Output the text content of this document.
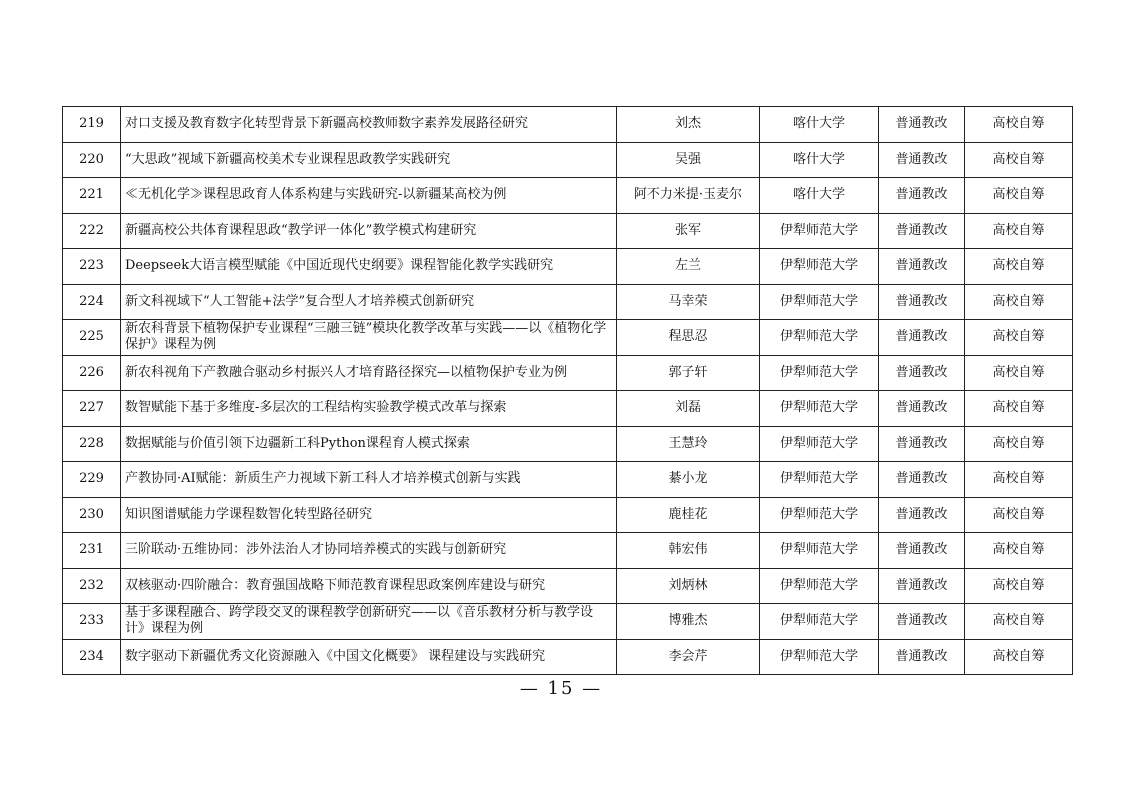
219	对口支援及教育数字化转型背景下新疆高校教师数字素养发展路径研究	刘杰	喀什大学	普通教改	高校自筹
220	“大思政”视域下新疆高校美术专业课程思政教学实践研究	吴强	喀什大学	普通教改	高校自筹
221	≪无机化学≫课程思政育人体系构建与实践研究-以新疆某高校为例	阿不力米提·玉麦尔	喀什大学	普通教改	高校自筹
222	新疆高校公共体育课程思政“教学评一体化”教学模式构建研究	张军	伊犁师范大学	普通教改	高校自筹
223	Deepseek大语言模型赋能《中国近现代史纲要》课程智能化教学实践研究	左兰	伊犁师范大学	普通教改	高校自筹
224	新文科视域下“人工智能+法学”复合型人才培养模式创新研究	马幸荣	伊犁师范大学	普通教改	高校自筹
225	新农科背景下植物保护专业课程“三融三链”模块化教学改革与实践——以《植物化学保护》课程为例	程思忍	伊犁师范大学	普通教改	高校自筹
226	新农科视角下产教融合驱动乡村振兴人才培育路径探究—以植物保护专业为例	郭子轩	伊犁师范大学	普通教改	高校自筹
227	数智赋能下基于多维度-多层次的工程结构实验教学模式改革与探索	刘磊	伊犁师范大学	普通教改	高校自筹
228	数据赋能与价值引领下边疆新工科Python课程育人模式探索	王慧玲	伊犁师范大学	普通教改	高校自筹
229	产教协同·AI赋能：新质生产力视域下新工科人才培养模式创新与实践	綦小龙	伊犁师范大学	普通教改	高校自筹
230	知识图谱赋能力学课程数智化转型路径研究	鹿桂花	伊犁师范大学	普通教改	高校自筹
231	三阶联动·五维协同：涉外法治人才协同培养模式的实践与创新研究	韩宏伟	伊犁师范大学	普通教改	高校自筹
232	双核驱动·四阶融合：教育强国战略下师范教育课程思政案例库建设与研究	刘炳林	伊犁师范大学	普通教改	高校自筹
233	基于多课程融合、跨学段交叉的课程教学创新研究——以《音乐教材分析与教学设计》课程为例	博雅杰	伊犁师范大学	普通教改	高校自筹
234	数字驱动下新疆优秀文化资源融入《中国文化概要》 课程建设与实践研究	李会芹	伊犁师范大学	普通教改	高校自筹
— 15 —
